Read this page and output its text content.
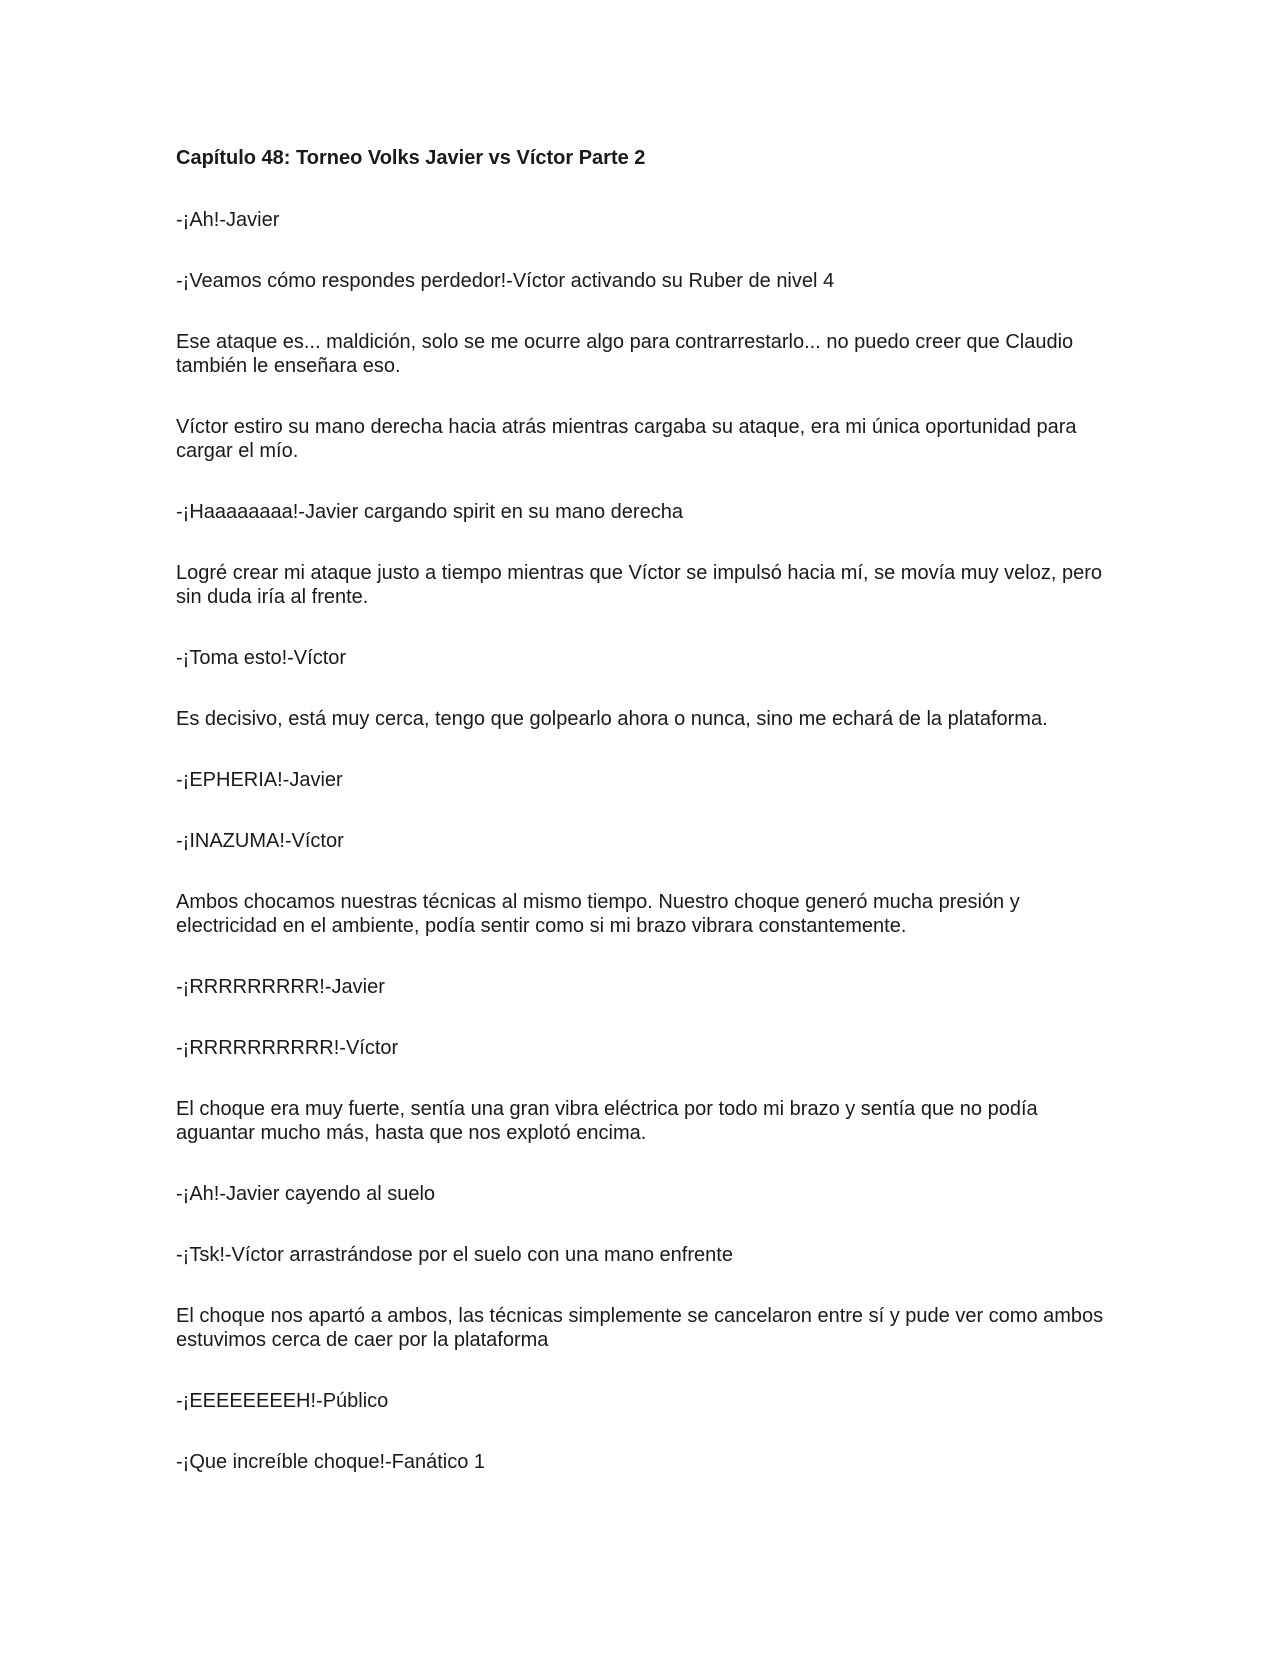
Capítulo 48: Torneo Volks Javier vs Víctor Parte 2

-¡Ah!-Javier

-¡Veamos cómo respondes perdedor!-Víctor activando su Ruber de nivel 4

Ese ataque es... maldición, solo se me ocurre algo para contrarrestarlo... no puedo creer que Claudio también le enseñara eso.

Víctor estiro su mano derecha hacia atrás mientras cargaba su ataque, era mi única oportunidad para cargar el mío.

-¡Haaaaaaaa!-Javier cargando spirit en su mano derecha

Logré crear mi ataque justo a tiempo mientras que Víctor se impulsó hacia mí, se movía muy veloz, pero sin duda iría al frente.

-¡Toma esto!-Víctor

Es decisivo, está muy cerca, tengo que golpearlo ahora o nunca, sino me echará de la plataforma.

-¡EPHERIA!-Javier

-¡INAZUMA!-Víctor

Ambos chocamos nuestras técnicas al mismo tiempo. Nuestro choque generó mucha presión y electricidad en el ambiente, podía sentir como si mi brazo vibrara constantemente.

-¡RRRRRRRRR!-Javier

-¡RRRRRRRRRR!-Víctor

El choque era muy fuerte, sentía una gran vibra eléctrica por todo mi brazo y sentía que no podía aguantar mucho más, hasta que nos explotó encima.

-¡Ah!-Javier cayendo al suelo

-¡Tsk!-Víctor arrastrándose por el suelo con una mano enfrente

El choque nos apartó a ambos, las técnicas simplemente se cancelaron entre sí y pude ver como ambos estuvimos cerca de caer por la plataforma

-¡EEEEEEEEH!-Público

-¡Que increíble choque!-Fanático 1
